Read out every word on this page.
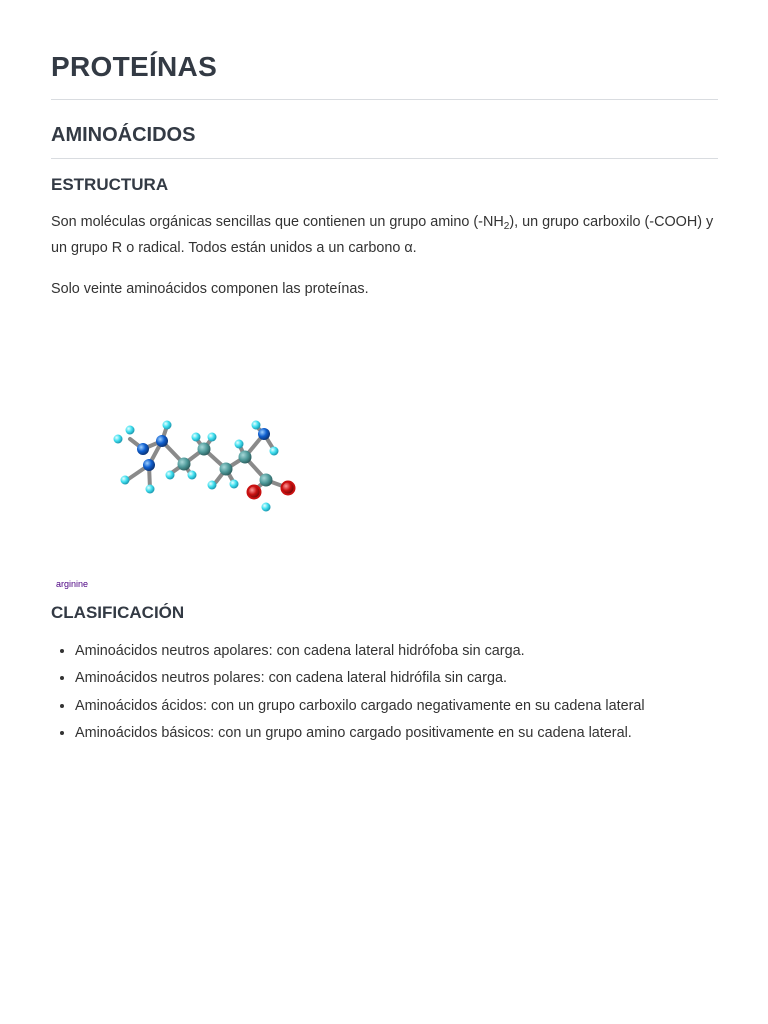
PROTEÍNAS
AMINOÁCIDOS
ESTRUCTURA

Son moléculas orgánicas sencillas que contienen un grupo amino $(-NH_2)$, un grupo carboxilo (-COOH) y un grupo R o radical. Todos están unidos a un carbono α.

Solo veinte aminoácidos componen las proteínas.

arginine
CLASIFICACIÓN
• Aminoácidos neutros apolares: con cadena lateral hidrófoba sin carga.
• Aminoácidos neutros polares: con cadena lateral hidrófila sin carga.
• Aminoácidos ácidos: con un grupo carboxilo cargado negativamente en su cadena lateral
• Aminoácidos básicos: con un grupo amino cargado positivamente en su cadena lateral.
